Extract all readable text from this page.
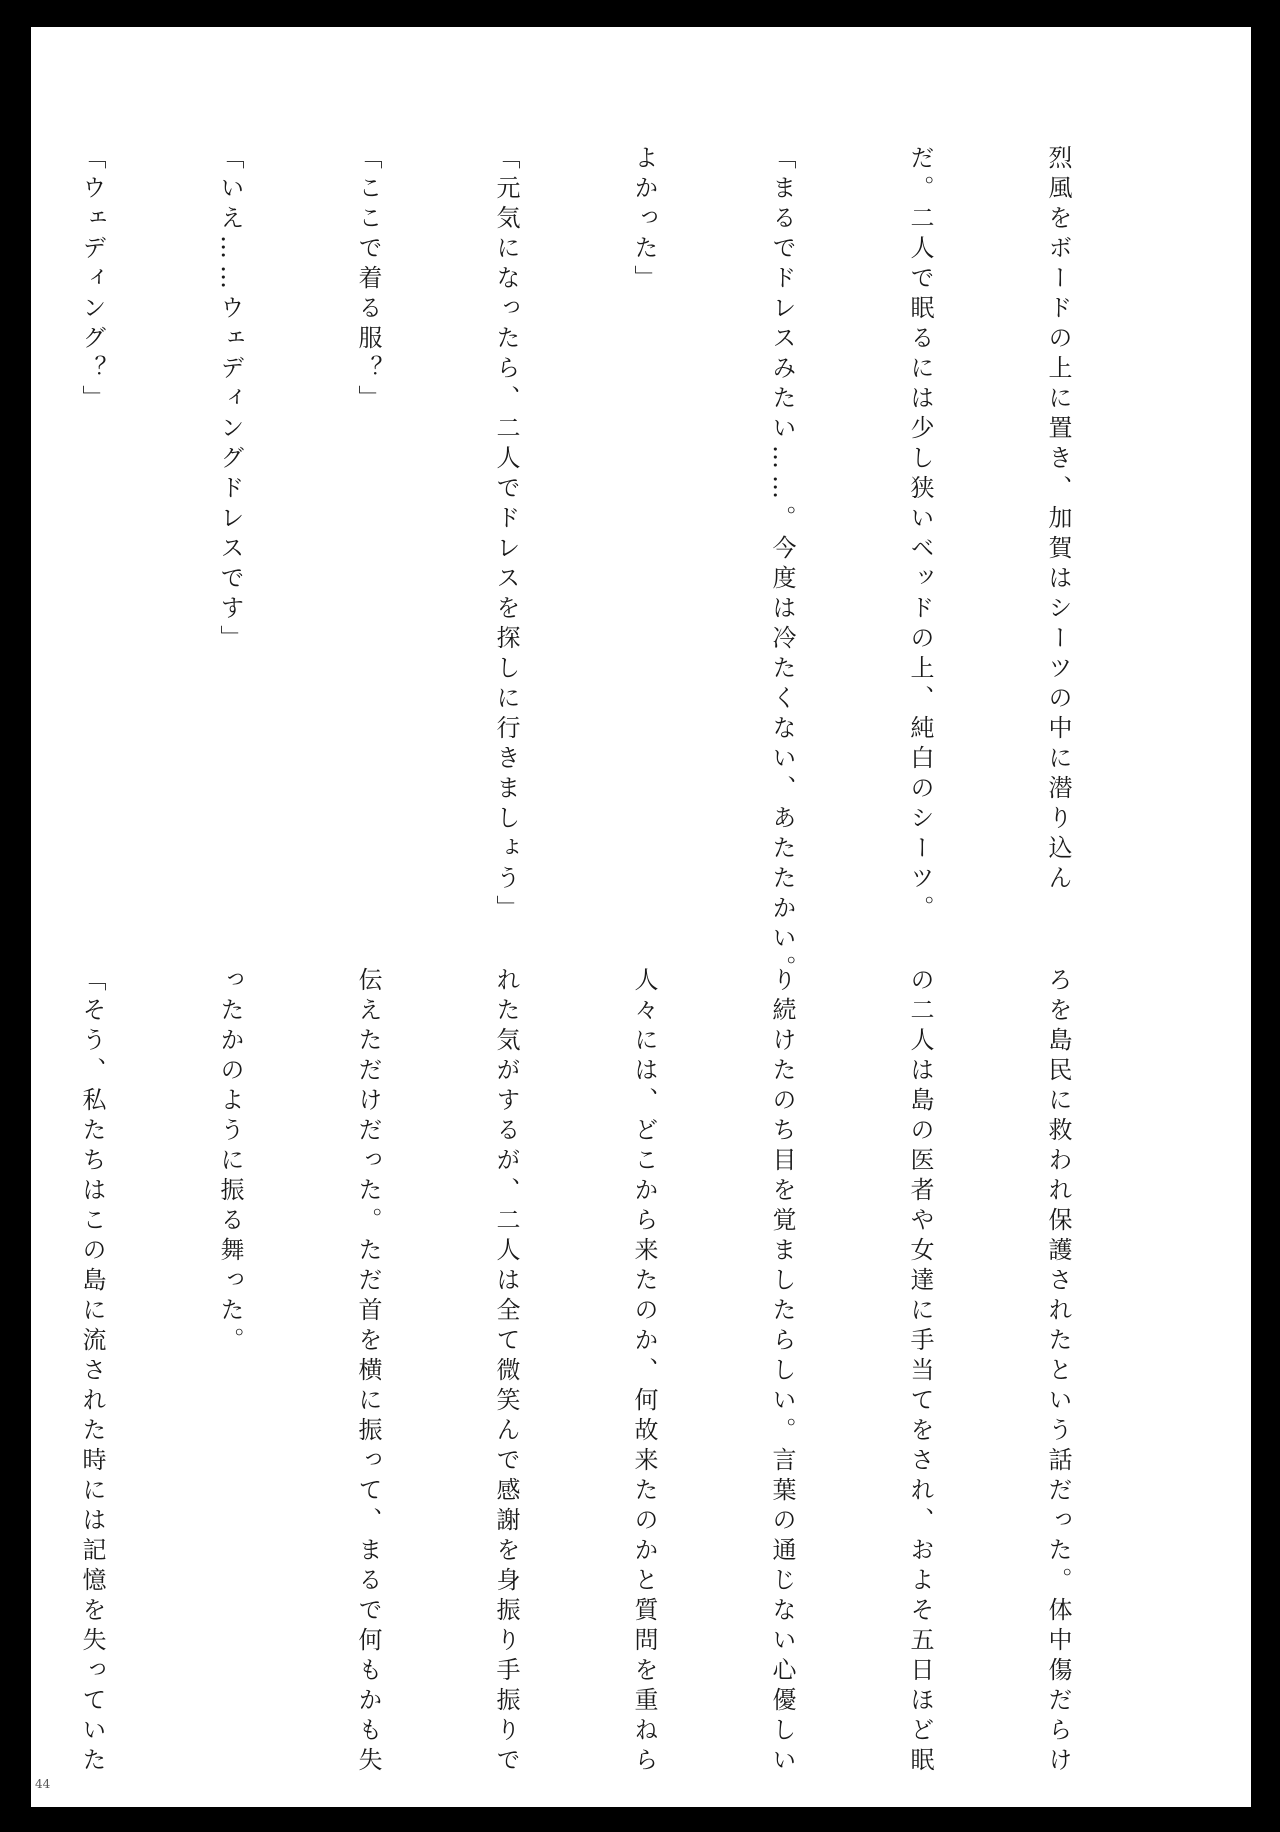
烈風をボードの上に置き、加賀はシーツの中に潜り込ん

だ。二人で眠るには少し狭いベッドの上、純白のシーツ。

「まるでドレスみたい……。今度は冷たくない、あたたかい。

よかった」

「元気になったら、二人でドレスを探しに行きましょう」

「ここで着る服？」

「いえ……ウェディングドレスです」

「ウェディング？」

ろを島民に救われ保護されたという話だった。体中傷だらけ

の二人は島の医者や女達に手当てをされ、およそ五日ほど眠

り続けたのち目を覚ましたらしい。言葉の通じない心優しい

人々には、どこから来たのか、何故来たのかと質問を重ねら

れた気がするが、二人は全て微笑んで感謝を身振り手振りで

伝えただけだった。ただ首を横に振って、まるで何もかも失

ったかのように振る舞った。

「そう、私たちはこの島に流された時には記憶を失っていた

44
